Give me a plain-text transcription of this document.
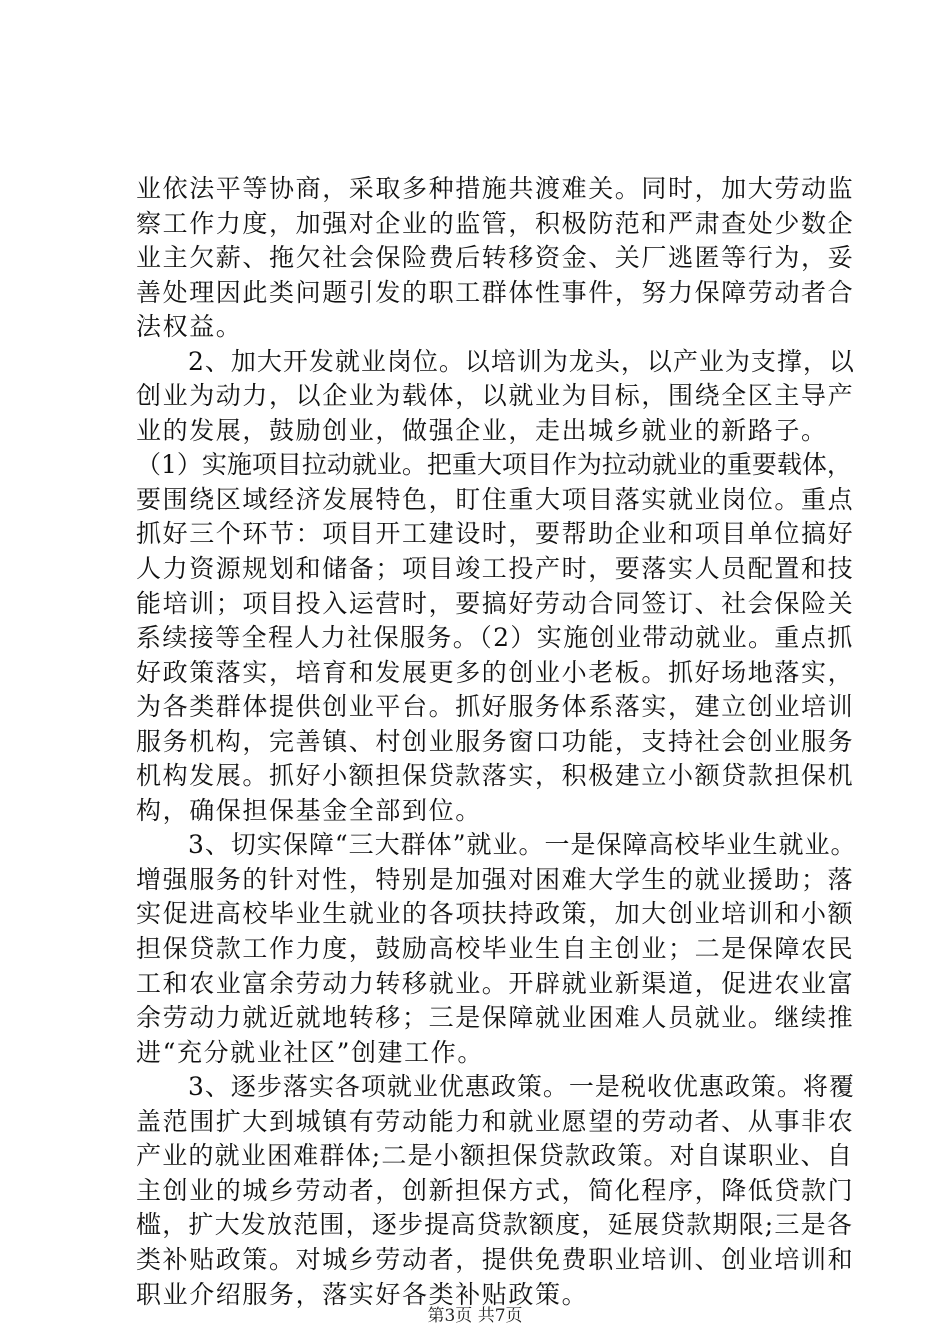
业依法平等协商，采取多种措施共渡难关。同时，加大劳动监
察工作力度，加强对企业的监管，积极防范和严肃查处少数企
业主欠薪、拖欠社会保险费后转移资金、关厂逃匿等行为，妥
善处理因此类问题引发的职工群体性事件，努力保障劳动者合
法权益。
　　2、加大开发就业岗位。以培训为龙头，以产业为支撑，以
创业为动力，以企业为载体，以就业为目标，围绕全区主导产
业的发展，鼓励创业，做强企业，走出城乡就业的新路子。
（1）实施项目拉动就业。把重大项目作为拉动就业的重要载体，
要围绕区域经济发展特色，盯住重大项目落实就业岗位。重点
抓好三个环节：项目开工建设时，要帮助企业和项目单位搞好
人力资源规划和储备；项目竣工投产时，要落实人员配置和技
能培训；项目投入运营时，要搞好劳动合同签订、社会保险关
系续接等全程人力社保服务。（2）实施创业带动就业。重点抓
好政策落实，培育和发展更多的创业小老板。抓好场地落实，
为各类群体提供创业平台。抓好服务体系落实，建立创业培训
服务机构，完善镇、村创业服务窗口功能，支持社会创业服务
机构发展。抓好小额担保贷款落实，积极建立小额贷款担保机
构，确保担保基金全部到位。
　　3、切实保障“三大群体”就业。一是保障高校毕业生就业。
增强服务的针对性，特别是加强对困难大学生的就业援助；落
实促进高校毕业生就业的各项扶持政策，加大创业培训和小额
担保贷款工作力度，鼓励高校毕业生自主创业；二是保障农民
工和农业富余劳动力转移就业。开辟就业新渠道，促进农业富
余劳动力就近就地转移；三是保障就业困难人员就业。继续推
进“充分就业社区”创建工作。
　　3、逐步落实各项就业优惠政策。一是税收优惠政策。将覆
盖范围扩大到城镇有劳动能力和就业愿望的劳动者、从事非农
产业的就业困难群体;二是小额担保贷款政策。对自谋职业、自
主创业的城乡劳动者，创新担保方式，简化程序，降低贷款门
槛，扩大发放范围，逐步提高贷款额度，延展贷款期限;三是各
类补贴政策。对城乡劳动者，提供免费职业培训、创业培训和
职业介绍服务，落实好各类补贴政策。
第3页 共7页
